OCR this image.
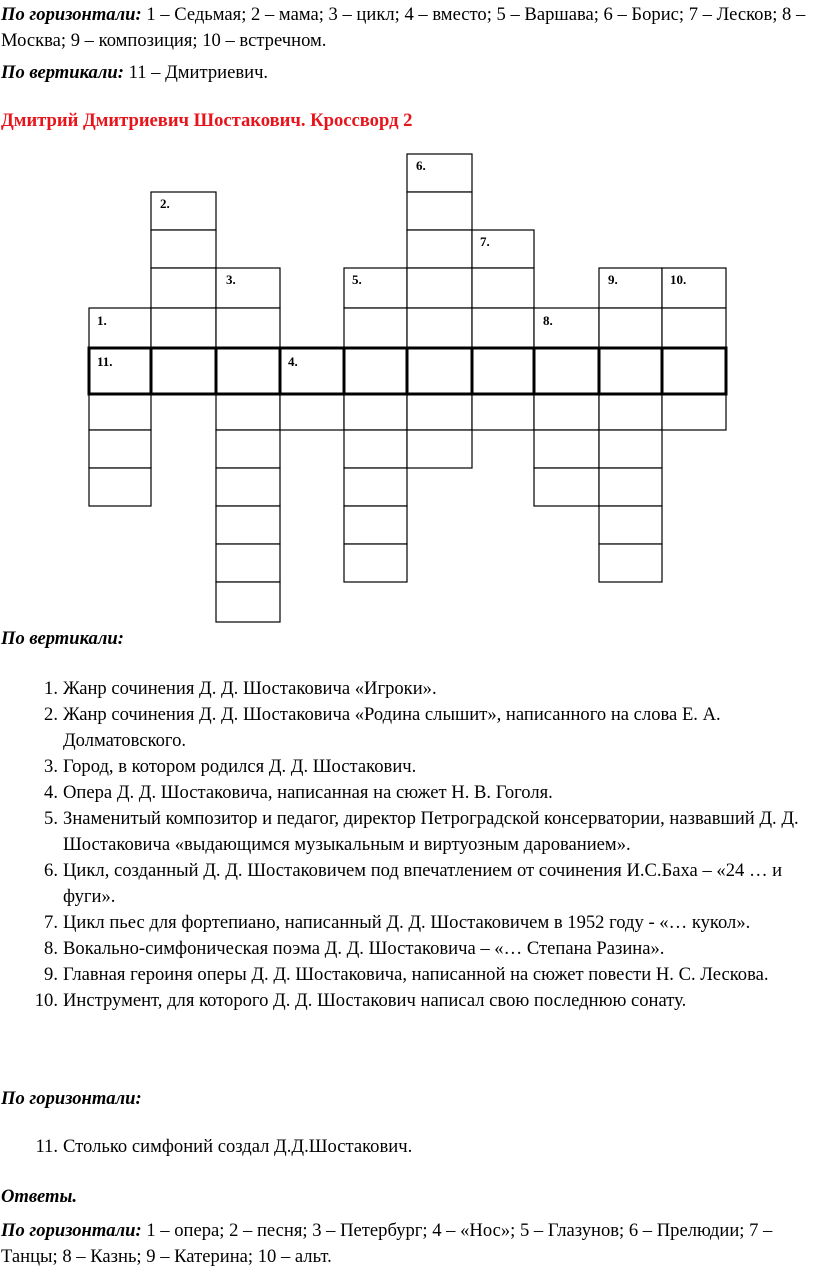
По горизонтали: 1 – Седьмая; 2 – мама; 3 – цикл; 4 – вместо; 5 – Варшава; 6 – Борис; 7 – Лесков; 8 – Москва; 9 – композиция; 10 – встречном.
По вертикали: 11 – Дмитриевич.
Дмитрий Дмитриевич Шостакович. Кроссворд 2
1.
2.
3.
4.
5.
6.
7.
8.
9.	10.
11.
По вертикали:
1. Жанр сочинения Д. Д. Шостаковича «Игроки».
2. Жанр сочинения Д. Д. Шостаковича «Родина слышит», написанного на слова Е. А. Долматовского.
3. Город, в котором родился Д. Д. Шостакович.
4. Опера Д. Д. Шостаковича, написанная на сюжет Н. В. Гоголя.
5. Знаменитый композитор и педагог, директор Петроградской консерватории, назвавший Д. Д. Шостаковича «выдающимся музыкальным и виртуозным дарованием».
6. Цикл, созданный Д. Д. Шостаковичем под впечатлением от сочинения И.С.Баха – «24 … и фуги».
7. Цикл пьес для фортепиано, написанный Д. Д. Шостаковичем в 1952 году - «… кукол».
8. Вокально-симфоническая поэма Д. Д. Шостаковича – «… Степана Разина».
9. Главная героиня оперы Д. Д. Шостаковича, написанной на сюжет повести Н. С. Лескова.
10. Инструмент, для которого Д. Д. Шостакович написал свою последнюю сонату.
По горизонтали:
11. Столько симфоний создал Д.Д.Шостакович.
Ответы.
По горизонтали: 1 – опера; 2 – песня; 3 – Петербург; 4 – «Нос»; 5 – Глазунов; 6 – Прелюдии; 7 – Танцы; 8 – Казнь; 9 – Катерина; 10 – альт.
